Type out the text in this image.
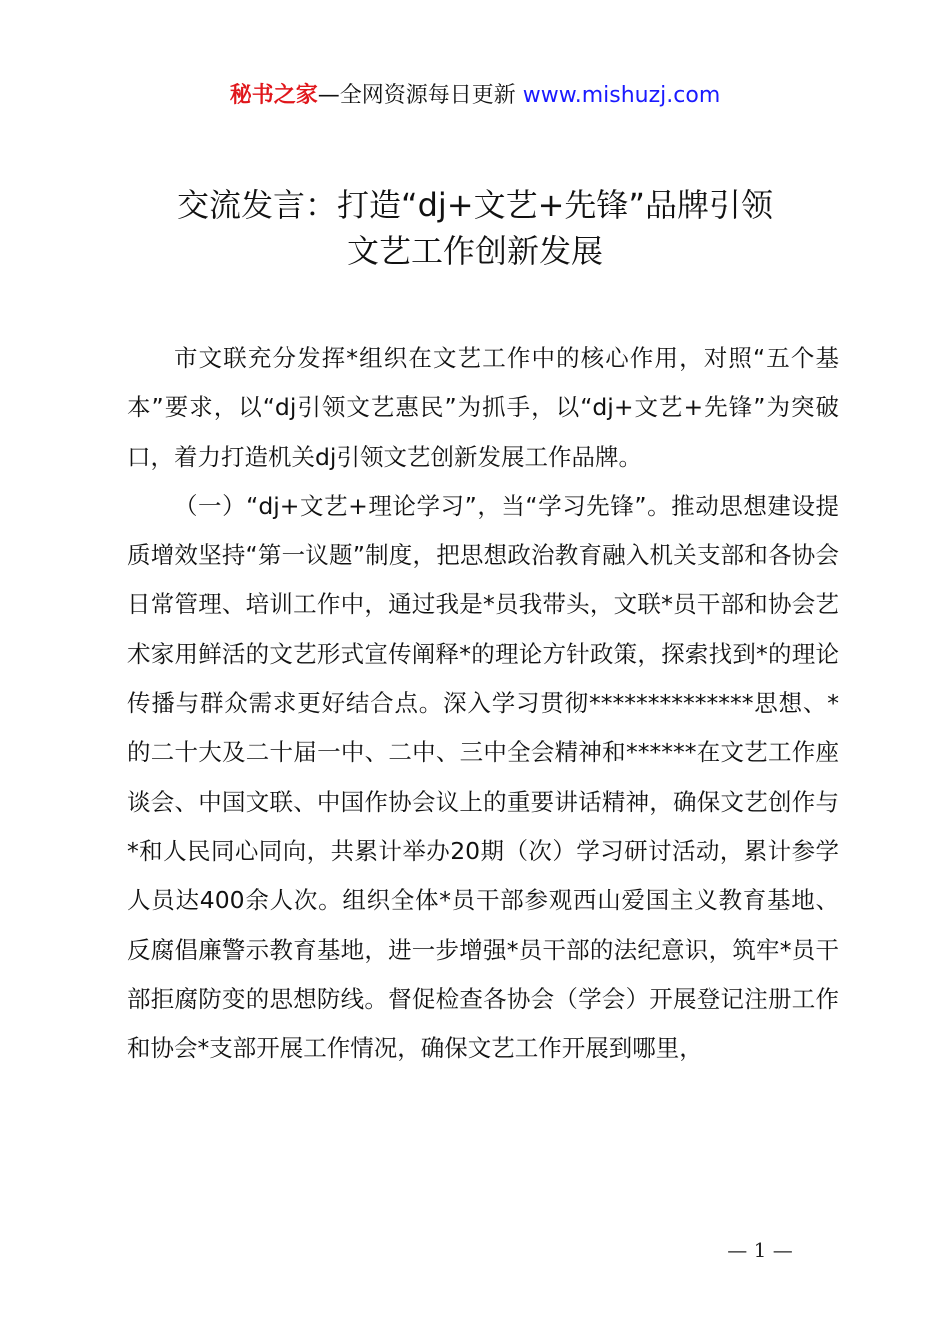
秘书之家—全网资源每日更新 www.mishuzj.com
交流发言：打造“dj+文艺+先锋”品牌引领
文艺工作创新发展

市文联充分发挥*组织在文艺工作中的核心作用，对照“五个基本”要求，以“dj引领文艺惠民”为抓手，以“dj+文艺+先锋”为突破口，着力打造机关dj引领文艺创新发展工作品牌。

（一）“dj+文艺+理论学习”，当“学习先锋”。推动思想建设提质增效坚持“第一议题”制度，把思想政治教育融入机关支部和各协会日常管理、培训工作中，通过我是*员我带头，文联*员干部和协会艺术家用鲜活的文艺形式宣传阐释*的理论方针政策，探索找到*的理论传播与群众需求更好结合点。深入学习贯彻**************思想、*的二十大及二十届一中、二中、三中全会精神和******在文艺工作座谈会、中国文联、中国作协会议上的重要讲话精神，确保文艺创作与*和人民同心同向，共累计举办20期（次）学习研讨活动，累计参学人员达400余人次。组织全体*员干部参观西山爱国主义教育基地、反腐倡廉警示教育基地，进一步增强*员干部的法纪意识，筑牢*员干部拒腐防变的思想防线。督促检查各协会（学会）开展登记注册工作和协会*支部开展工作情况，确保文艺工作开展到哪里，

— 1 —
